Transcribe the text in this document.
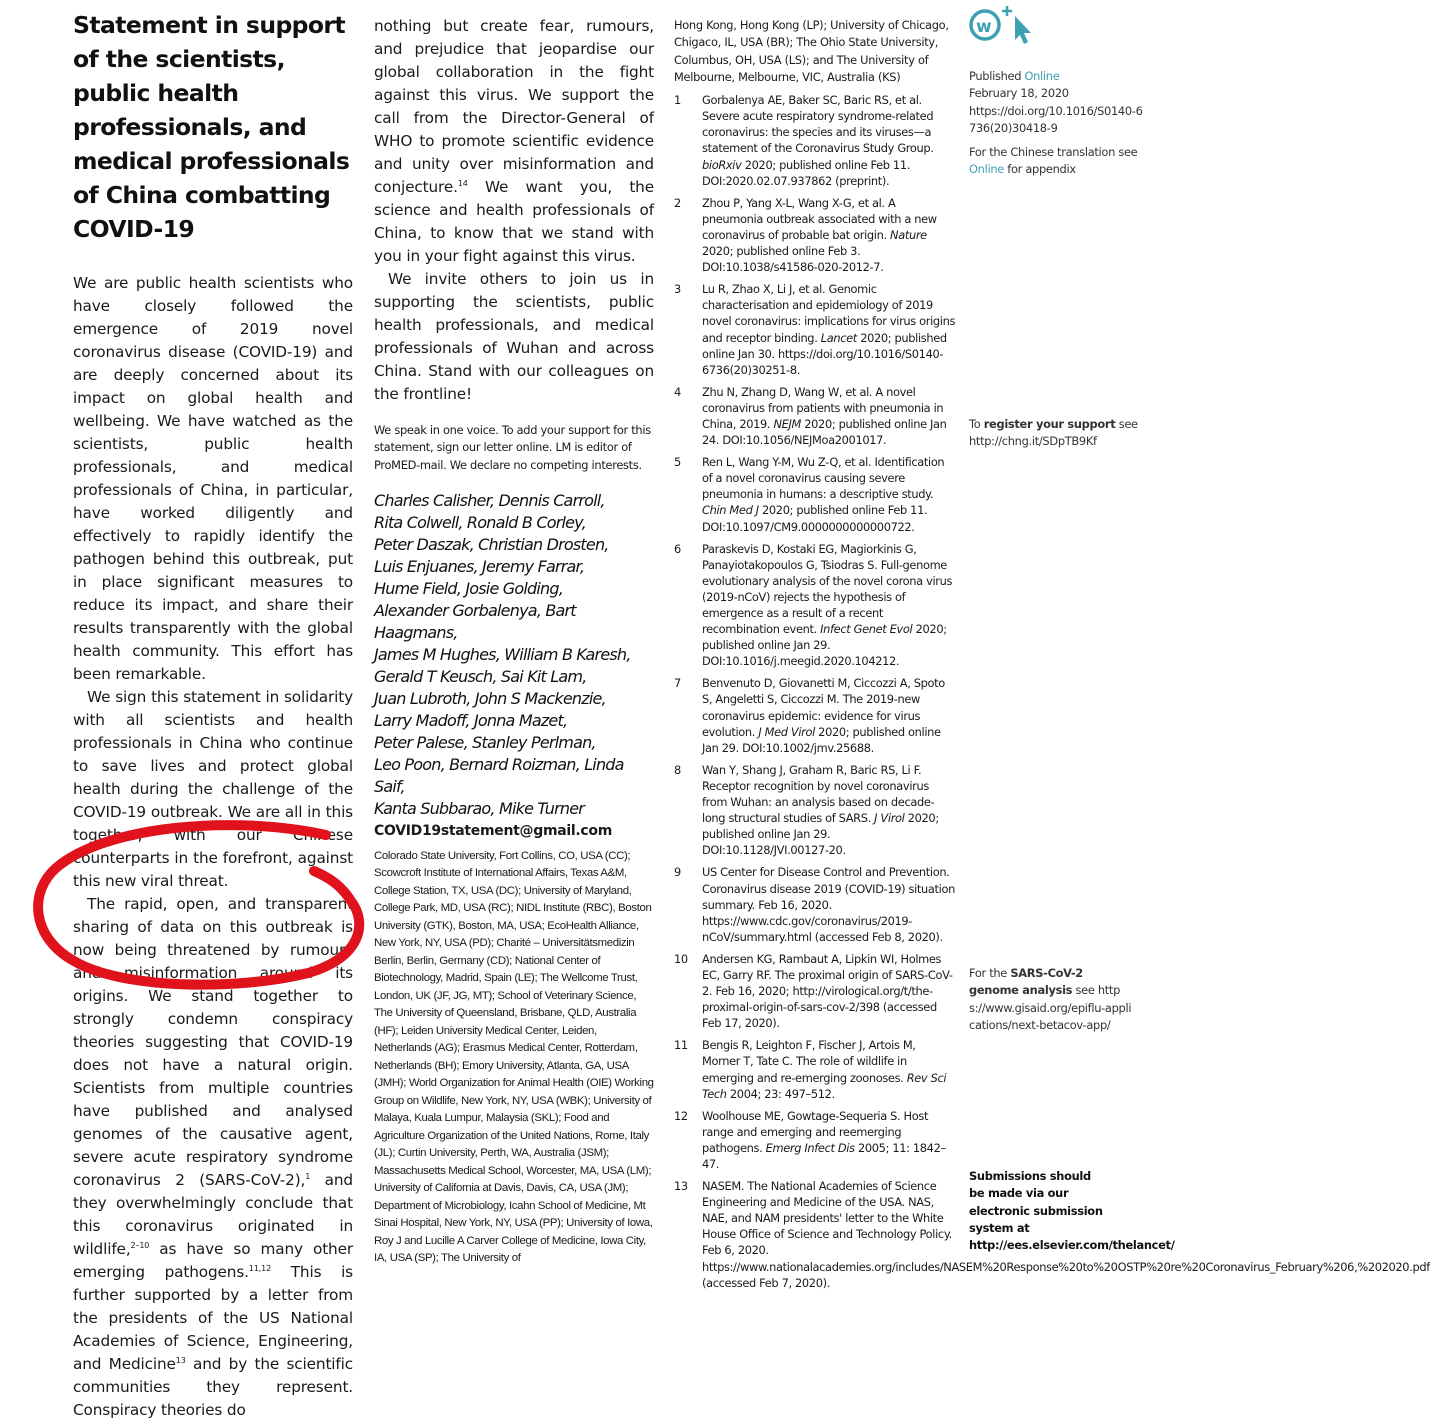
w
Statement in support of the scientists, public health professionals, and medical professionals of China combatting COVID-19

We are public health scientists who have closely followed the emergence of 2019 novel coronavirus disease (COVID-19) and are deeply concerned about its impact on global health and wellbeing. We have watched as the scientists, public health professionals, and medical professionals of China, in particular, have worked diligently and effectively to rapidly identify the pathogen behind this outbreak, put in place significant measures to reduce its impact, and share their results transparently with the global health community. This effort has been remarkable.

We sign this statement in solidarity with all scientists and health professionals in China who continue to save lives and protect global health during the challenge of the COVID-19 outbreak. We are all in this together, with our Chinese counterparts in the forefront, against this new viral threat.

The rapid, open, and transparent sharing of data on this outbreak is now being threatened by rumours and misinformation around its origins. We stand together to strongly condemn conspiracy theories suggesting that COVID-19 does not have a natural origin. Scientists from multiple countries have published and analysed genomes of the causative agent, severe acute respiratory syndrome coronavirus 2 (SARS-CoV-2),$^1$ and they overwhelmingly conclude that this coronavirus originated in wildlife,$^{2-10}$ as have so many other emerging pathogens.$^{11,12}$ This is further supported by a letter from the presidents of the US National Academies of Science, Engineering, and Medicine$^{13}$ and by the scientific communities they represent. Conspiracy theories do

nothing but create fear, rumours, and prejudice that jeopardise our global collaboration in the fight against this virus. We support the call from the Director-General of WHO to promote scientific evidence and unity over misinformation and conjecture.$^{14}$ We want you, the science and health professionals of China, to know that we stand with you in your fight against this virus.

We invite others to join us in supporting the scientists, public health professionals, and medical professionals of Wuhan and across China. Stand with our colleagues on the frontline!

We speak in one voice. To add your support for this statement, sign our letter online. LM is editor of ProMED-mail. We declare no competing interests.

Charles Calisher, Dennis Carroll,
Rita Colwell, Ronald B Corley,
Peter Daszak, Christian Drosten,
Luis Enjuanes, Jeremy Farrar,
Hume Field, Josie Golding,
Alexander Gorbalenya, Bart Haagmans,
James M Hughes, William B Karesh,
Gerald T Keusch, Sai Kit Lam,
Juan Lubroth, John S Mackenzie,
Larry Madoff, Jonna Mazet,
Peter Palese, Stanley Perlman,
Leo Poon, Bernard Roizman, Linda Saif,
Kanta Subbarao, Mike Turner
COVID19statement@gmail.com

Colorado State University, Fort Collins, CO, USA (CC); Scowcroft Institute of International Affairs, Texas A&M, College Station, TX, USA (DC); University of Maryland, College Park, MD, USA (RC); NIDL Institute (RBC), Boston University (GTK), Boston, MA, USA; EcoHealth Alliance, New York, NY, USA (PD); Charité – Universitätsmedizin Berlin, Berlin, Germany (CD); National Center of Biotechnology, Madrid, Spain (LE); The Wellcome Trust, London, UK (JF, JG, MT); School of Veterinary Science, The University of Queensland, Brisbane, QLD, Australia (HF); Leiden University Medical Center, Leiden, Netherlands (AG); Erasmus Medical Center, Rotterdam, Netherlands (BH); Emory University, Atlanta, GA, USA (JMH); World Organization for Animal Health (OIE) Working Group on Wildlife, New York, NY, USA (WBK); University of Malaya, Kuala Lumpur, Malaysia (SKL); Food and Agriculture Organization of the United Nations, Rome, Italy (JL); Curtin University, Perth, WA, Australia (JSM); Massachusetts Medical School, Worcester, MA, USA (LM); University of California at Davis, Davis, CA, USA (JM); Department of Microbiology, Icahn School of Medicine, Mt Sinai Hospital, New York, NY, USA (PP); University of Iowa, Roy J and Lucille A Carver College of Medicine, Iowa City, IA, USA (SP); The University of

Hong Kong, Hong Kong (LP); University of Chicago, Chigaco, IL, USA (BR); The Ohio State University, Columbus, OH, USA (LS); and The University of Melbourne, Melbourne, VIC, Australia (KS)

1 Gorbalenya AE, Baker SC, Baric RS, et al. Severe acute respiratory syndrome-related coronavirus: the species and its viruses—a statement of the Coronavirus Study Group. bioRxiv 2020; published online Feb 11. DOI:2020.02.07.937862 (preprint).
2 Zhou P, Yang X-L, Wang X-G, et al. A pneumonia outbreak associated with a new coronavirus of probable bat origin. Nature 2020; published online Feb 3. DOI:10.1038/s41586-020-2012-7.
3 Lu R, Zhao X, Li J, et al. Genomic characterisation and epidemiology of 2019 novel coronavirus: implications for virus origins and receptor binding. Lancet 2020; published online Jan 30. https://doi.org/10.1016/S0140-6736(20)30251-8.
4 Zhu N, Zhang D, Wang W, et al. A novel coronavirus from patients with pneumonia in China, 2019. NEJM 2020; published online Jan 24. DOI:10.1056/NEJMoa2001017.
5 Ren L, Wang Y-M, Wu Z-Q, et al. Identification of a novel coronavirus causing severe pneumonia in humans: a descriptive study. Chin Med J 2020; published online Feb 11. DOI:10.1097/CM9.0000000000000722.
6 Paraskevis D, Kostaki EG, Magiorkinis G, Panayiotakopoulos G, Tsiodras S. Full-genome evolutionary analysis of the novel corona virus (2019-nCoV) rejects the hypothesis of emergence as a result of a recent recombination event. Infect Genet Evol 2020; published online Jan 29. DOI:10.1016/j.meegid.2020.104212.
7 Benvenuto D, Giovanetti M, Ciccozzi A, Spoto S, Angeletti S, Ciccozzi M. The 2019-new coronavirus epidemic: evidence for virus evolution. J Med Virol 2020; published online Jan 29. DOI:10.1002/jmv.25688.
8 Wan Y, Shang J, Graham R, Baric RS, Li F. Receptor recognition by novel coronavirus from Wuhan: an analysis based on decade-long structural studies of SARS. J Virol 2020; published online Jan 29. DOI:10.1128/JVI.00127-20.
9 US Center for Disease Control and Prevention. Coronavirus disease 2019 (COVID-19) situation summary. Feb 16, 2020. https://www.cdc.gov/coronavirus/2019-nCoV/summary.html (accessed Feb 8, 2020).
10 Andersen KG, Rambaut A, Lipkin WI, Holmes EC, Garry RF. The proximal origin of SARS-CoV-2. Feb 16, 2020; http://virological.org/t/the-proximal-origin-of-sars-cov-2/398 (accessed Feb 17, 2020).
11 Bengis R, Leighton F, Fischer J, Artois M, Morner T, Tate C. The role of wildlife in emerging and re-emerging zoonoses. Rev Sci Tech 2004; 23: 497–512.
12 Woolhouse ME, Gowtage-Sequeria S. Host range and emerging and reemerging pathogens. Emerg Infect Dis 2005; 11: 1842–47.
13 NASEM. The National Academies of Science Engineering and Medicine of the USA. NAS, NAE, and NAM presidents' letter to the White House Office of Science and Technology Policy. Feb 6, 2020. https://www.nationalacademies.org/includes/NASEM%20Response%20to%20OSTP%20re%20Coronavirus_February%206,%202020.pdf (accessed Feb 7, 2020).
Published Online
February 18, 2020
https://doi.org/10.1016/S0140-6736(20)30418-9
For the Chinese translation see Online for appendix
To register your support see
http://chng.it/SDpTB9Kf
For the SARS-CoV-2 genome analysis see https://www.gisaid.org/epiflu-applications/next-betacov-app/
Submissions should be made via our electronic submission system at http://ees.elsevier.com/thelancet/
